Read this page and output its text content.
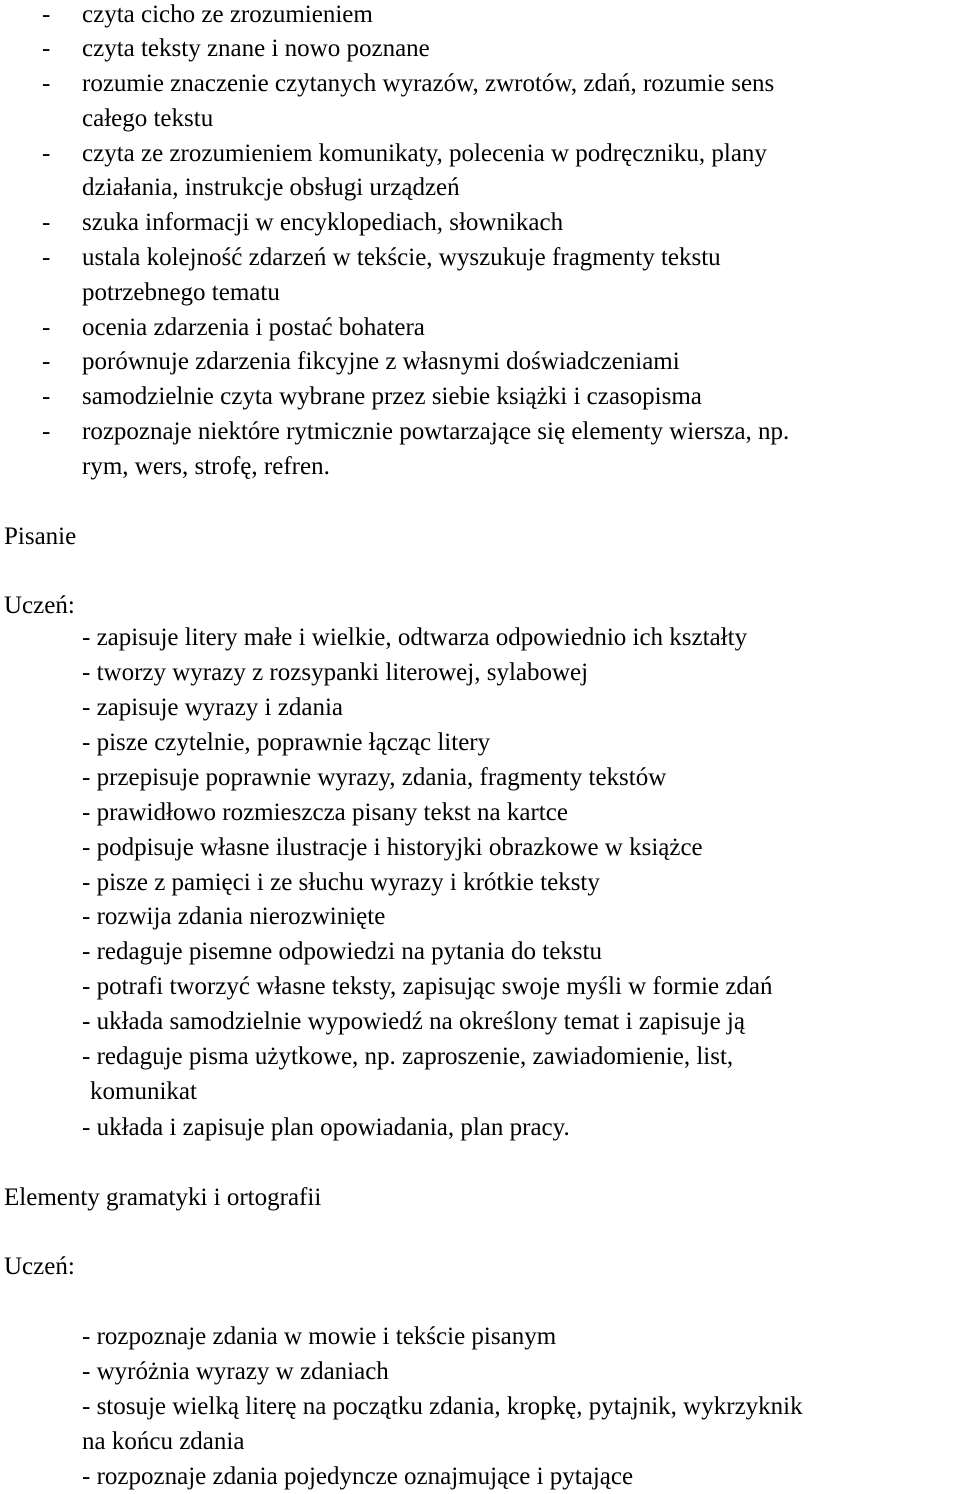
- czyta cicho ze zrozumieniem
- czyta teksty znane i nowo poznane
- rozumie znaczenie czytanych wyrazów, zwrotów, zdań, rozumie sens
całego tekstu
- czyta ze zrozumieniem komunikaty, polecenia w podręczniku, plany
działania, instrukcje obsługi urządzeń
- szuka informacji w encyklopediach, słownikach
- ustala kolejność zdarzeń w tekście, wyszukuje fragmenty tekstu
potrzebnego tematu
- ocenia zdarzenia i postać bohatera
- porównuje zdarzenia fikcyjne z własnymi doświadczeniami
- samodzielnie czyta wybrane przez siebie książki i czasopisma
- rozpoznaje niektóre rytmicznie powtarzające się elementy wiersza, np.
rym, wers, strofę, refren.
Pisanie
Uczeń:
- zapisuje litery małe i wielkie, odtwarza odpowiednio ich kształty
- tworzy wyrazy z rozsypanki literowej, sylabowej
- zapisuje wyrazy i zdania
- pisze czytelnie, poprawnie łącząc litery
- przepisuje poprawnie wyrazy, zdania, fragmenty tekstów
- prawidłowo rozmieszcza pisany tekst na kartce
- podpisuje własne ilustracje i historyjki obrazkowe w książce
- pisze z pamięci i ze słuchu wyrazy i krótkie teksty
- rozwija zdania nierozwinięte
- redaguje pisemne odpowiedzi na pytania do tekstu
- potrafi tworzyć własne teksty, zapisując swoje myśli w formie zdań
- układa samodzielnie wypowiedź na określony temat i zapisuje ją
- redaguje pisma użytkowe, np. zaproszenie, zawiadomienie, list,
komunikat
- układa i zapisuje plan opowiadania, plan pracy.
Elementy gramatyki i ortografii
Uczeń:
- rozpoznaje zdania w mowie i tekście pisanym
- wyróżnia wyrazy w zdaniach
- stosuje wielką literę na początku zdania, kropkę, pytajnik, wykrzyknik
na końcu zdania
- rozpoznaje zdania pojedyncze oznajmujące i pytające
